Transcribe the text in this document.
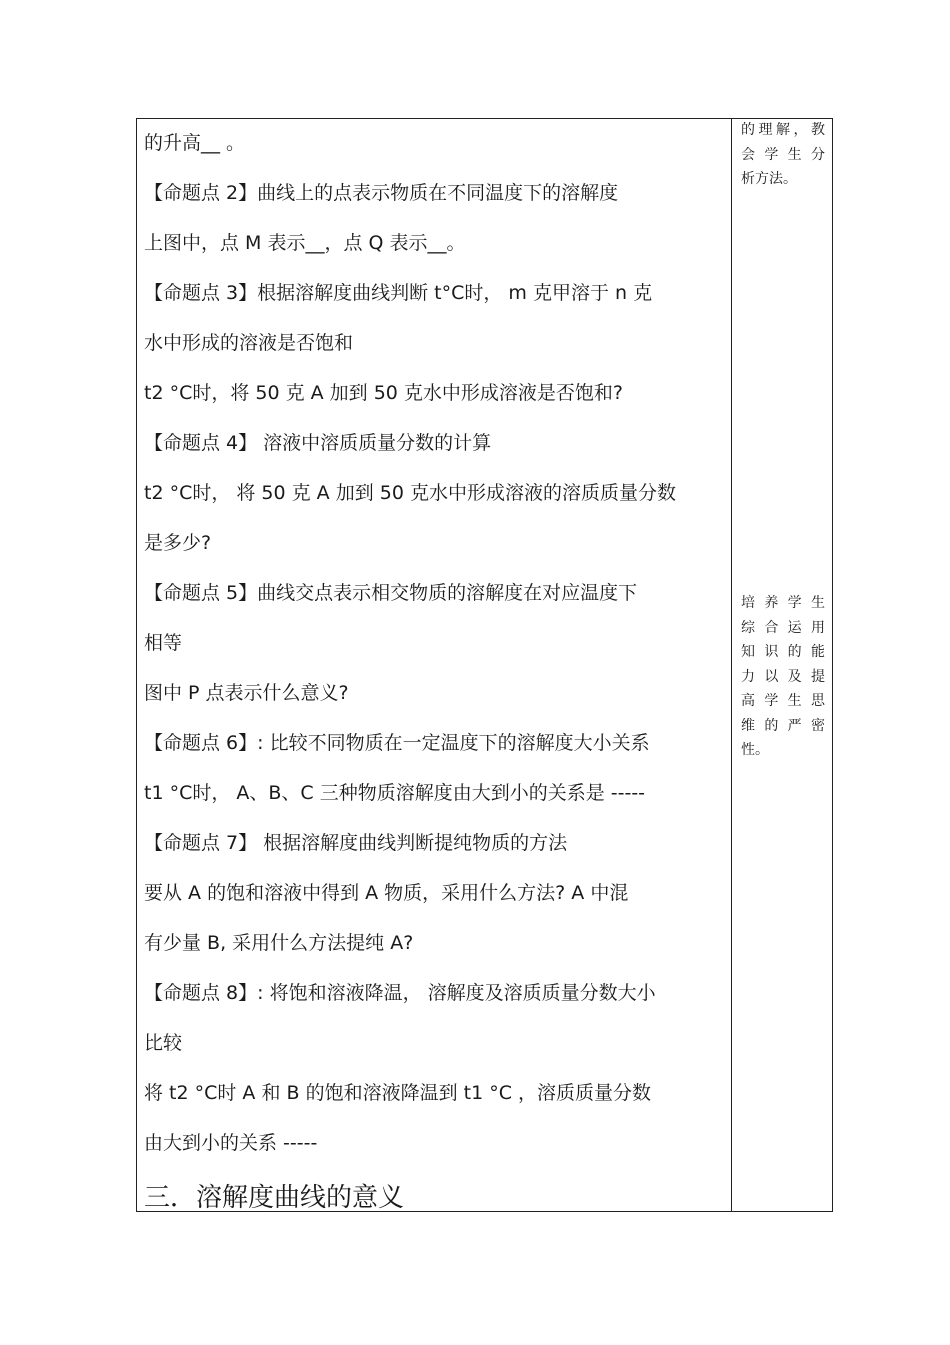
的升高__ 。
【命题点 2】曲线上的点表示物质在不同温度下的溶解度
上图中，点 M 表示__，点 Q 表示__。
【命题点 3】根据溶解度曲线判断 t°C时， m 克甲溶于 n 克
水中形成的溶液是否饱和
t2 °C时，将 50 克 A 加到 50 克水中形成溶液是否饱和?
【命题点 4】 溶液中溶质质量分数的计算
t2 °C时， 将 50 克 A 加到 50 克水中形成溶液的溶质质量分数
是多少?
【命题点 5】曲线交点表示相交物质的溶解度在对应温度下
相等
图中 P 点表示什么意义?
【命题点 6】: 比较不同物质在一定温度下的溶解度大小关系
t1 °C时， A、B、C 三种物质溶解度由大到小的关系是 -----
【命题点 7】 根据溶解度曲线判断提纯物质的方法
要从 A 的饱和溶液中得到 A 物质，采用什么方法? A 中混
有少量 B, 采用什么方法提纯 A?
【命题点 8】: 将饱和溶液降温， 溶解度及溶质质量分数大小
比较
将 t2 °C时 A 和 B 的饱和溶液降温到 t1 °C ，溶质质量分数
由大到小的关系 -----
三．溶解度曲线的意义
的理解，教
会 学 生 分
析方法。
培 养 学 生
综 合 运 用
知 识 的 能
力 以 及 提
高 学 生 思
维 的 严 密
性。
